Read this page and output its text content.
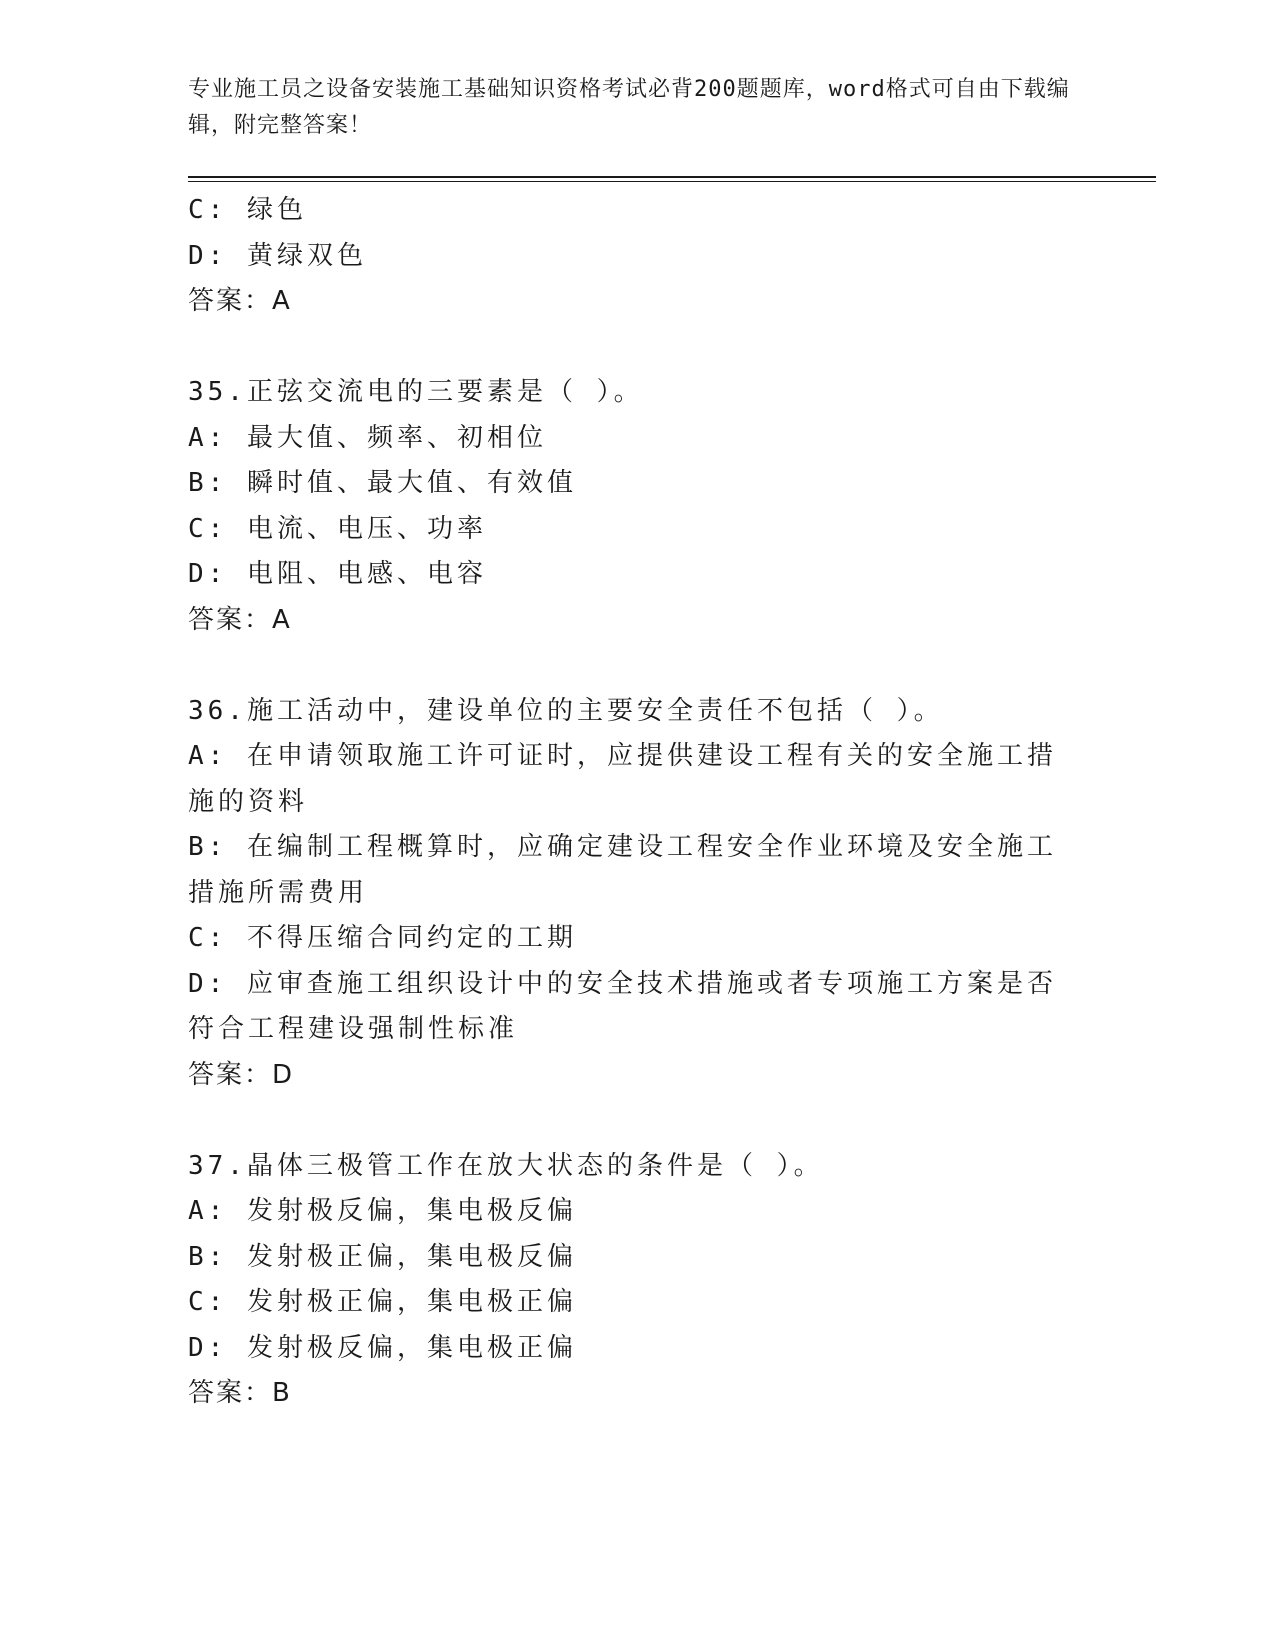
专业施工员之设备安装施工基础知识资格考试必背200题题库，word格式可自由下载编辑，附完整答案！
C: 绿色
D: 黄绿双色
答案：A
35.正弦交流电的三要素是（ ）。
A: 最大值、频率、初相位
B: 瞬时值、最大值、有效值
C: 电流、电压、功率
D: 电阻、电感、电容
答案：A
36.施工活动中，建设单位的主要安全责任不包括（ ）。
A: 在申请领取施工许可证时，应提供建设工程有关的安全施工措施的资料
B: 在编制工程概算时，应确定建设工程安全作业环境及安全施工措施所需费用
C: 不得压缩合同约定的工期
D: 应审查施工组织设计中的安全技术措施或者专项施工方案是否符合工程建设强制性标准
答案：D
37.晶体三极管工作在放大状态的条件是（ ）。
A: 发射极反偏，集电极反偏
B: 发射极正偏，集电极反偏
C: 发射极正偏，集电极正偏
D: 发射极反偏，集电极正偏
答案：B
